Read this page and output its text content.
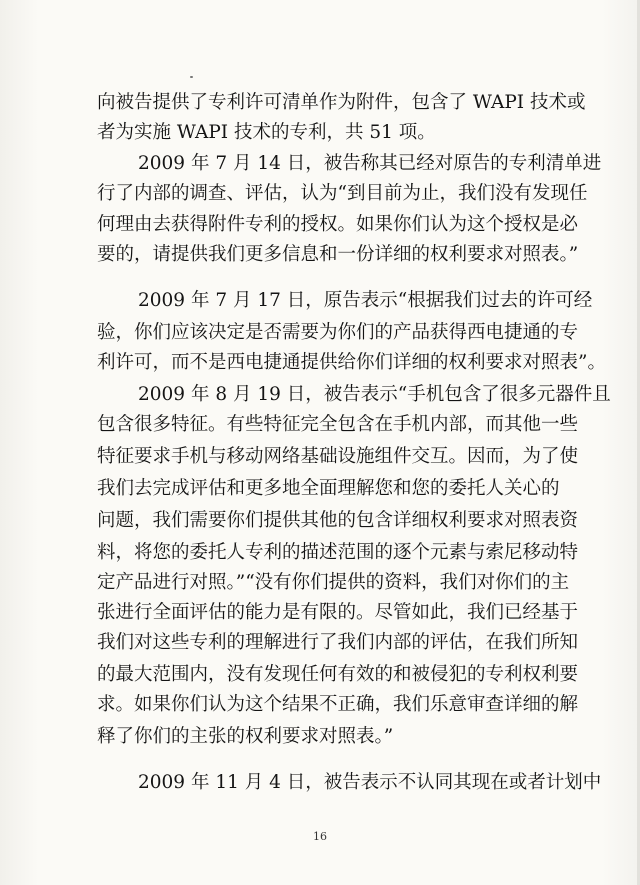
向被告提供了专利许可清单作为附件，包含了 WAPI 技术或
者为实施 WAPI 技术的专利，共 51 项。
2009 年 7 月 14 日，被告称其已经对原告的专利清单进
行了内部的调查、评估，认为“到目前为止，我们没有发现任
何理由去获得附件专利的授权。如果你们认为这个授权是必
要的，请提供我们更多信息和一份详细的权利要求对照表。”
2009 年 7 月 17 日，原告表示“根据我们过去的许可经
验，你们应该决定是否需要为你们的产品获得西电捷通的专
利许可，而不是西电捷通提供给你们详细的权利要求对照表”。
2009 年 8 月 19 日，被告表示“手机包含了很多元器件且
包含很多特征。有些特征完全包含在手机内部，而其他一些
特征要求手机与移动网络基础设施组件交互。因而，为了使
我们去完成评估和更多地全面理解您和您的委托人关心的
问题，我们需要你们提供其他的包含详细权利要求对照表资
料，将您的委托人专利的描述范围的逐个元素与索尼移动特
定产品进行对照。”“没有你们提供的资料，我们对你们的主
张进行全面评估的能力是有限的。尽管如此，我们已经基于
我们对这些专利的理解进行了我们内部的评估，在我们所知
的最大范围内，没有发现任何有效的和被侵犯的专利权利要
求。如果你们认为这个结果不正确，我们乐意审查详细的解
释了你们的主张的权利要求对照表。”
2009 年 11 月 4 日，被告表示不认同其现在或者计划中
16
